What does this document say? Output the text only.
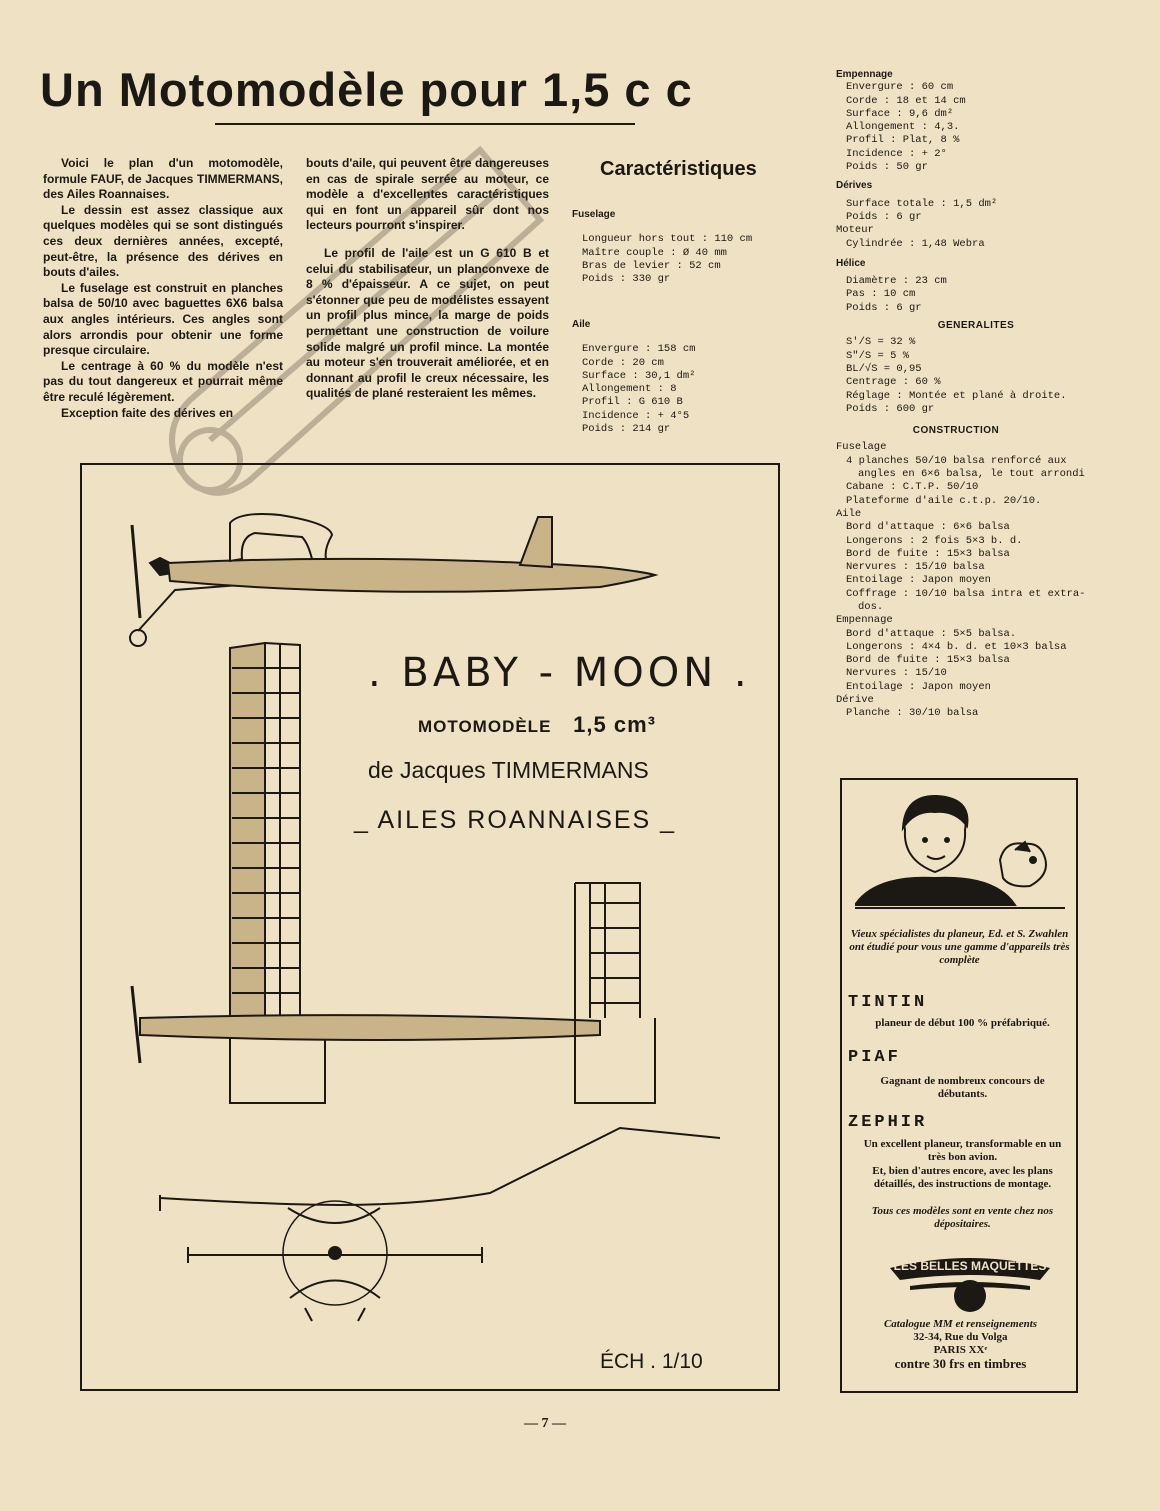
Un Motomodèle pour 1,5 c c

Voici le plan d'un motomodèle, formule FAUF, de Jacques TIMMERMANS, des Ailes Roannaises.

Le dessin est assez classique aux quelques modèles qui se sont distingués ces deux dernières années, excepté, peut-être, la présence des dérives en bouts d'ailes.

Le fuselage est construit en planches balsa de 50/10 avec baguettes 6X6 balsa aux angles intérieurs. Ces angles sont alors arrondis pour obtenir une forme presque circulaire.

Le centrage à 60 % du modèle n'est pas du tout dangereux et pourrait même être reculé légèrement.

Exception faite des dérives en

bouts d'aile, qui peuvent être dangereuses en cas de spirale serrée au moteur, ce modèle a d'excellentes caractéristiques qui en font un appareil sûr dont nos lecteurs pourront s'inspirer.

Le profil de l'aile est un G 610 B et celui du stabilisateur, un planconvexe de 8 % d'épaisseur. A ce sujet, on peut s'étonner que peu de modélistes essayent un profil plus mince, la marge de poids permettant une construction de voilure solide malgré un profil mince. La montée au moteur s'en trouverait améliorée, et en donnant au profil le creux nécessaire, les qualités de plané resteraient les mêmes.

Caractéristiques
Fuselage
Longueur hors tout : 110 cm
Maître couple : Ø 40 mm
Bras de levier : 52 cm
Poids : 330 gr
Aile
Envergure : 158 cm
Corde : 20 cm
Surface : 30,1 dm²
Allongement : 8
Profil : G 610 B
Incidence : + 4°5
Poids : 214 gr
Empennage
Envergure : 60 cm
Corde : 18 et 14 cm
Surface : 9,6 dm²
Allongement : 4,3.
Profil : Plat, 8 %
Incidence : + 2°
Poids : 50 gr
Dérives
Surface totale : 1,5 dm²
Poids : 6 gr
Moteur
Cylindrée : 1,48 Webra
Hélice
Diamètre : 23 cm
Pas : 10 cm
Poids : 6 gr
GENERALITES
S'/S = 32 %
S"/S = 5 %
BL/√S = 0,95
Centrage : 60 %
Réglage : Montée et plané à droite.
Poids : 600 gr
CONSTRUCTION
Fuselage
4 planches 50/10 balsa renforcé aux
angles en 6×6 balsa, le tout arrondi
Cabane : C.T.P. 50/10
Plateforme d'aile c.t.p. 20/10.
Aile
Bord d'attaque : 6×6 balsa
Longerons : 2 fois 5×3 b. d.
Bord de fuite : 15×3 balsa
Nervures : 15/10 balsa
Entoilage : Japon moyen
Coffrage : 10/10 balsa intra et extra-
dos.
Empennage
Bord d'attaque : 5×5 balsa.
Longerons : 4×4 b. d. et 10×3 balsa
Bord de fuite : 15×3 balsa
Nervures : 15/10
Entoilage : Japon moyen
Dérive
Planche : 30/10 balsa
. BABY - MOON .
MOTOMODÈLE 1,5 cm³
de Jacques TIMMERMANS
_ AILES ROANNAISES _
ÉCH . 1/10
Vieux spécialistes du planeur, Ed. et S. Zwahlen ont étudié pour vous une gamme d'appareils très complète
TINTIN
planeur de début 100 % préfabriqué.
PIAF
Gagnant de nombreux concours de débutants.
ZEPHIR
Un excellent planeur, transformable en un très bon avion.
Et, bien d'autres encore, avec les plans détaillés, des instructions de montage.
Tous ces modèles sont en vente chez nos dépositaires.
LES BELLES MAQUETTES
Catalogue MM et renseignements
32-34, Rue du Volga
PARIS XXᵉ
contre 30 frs en timbres
— 7 —
